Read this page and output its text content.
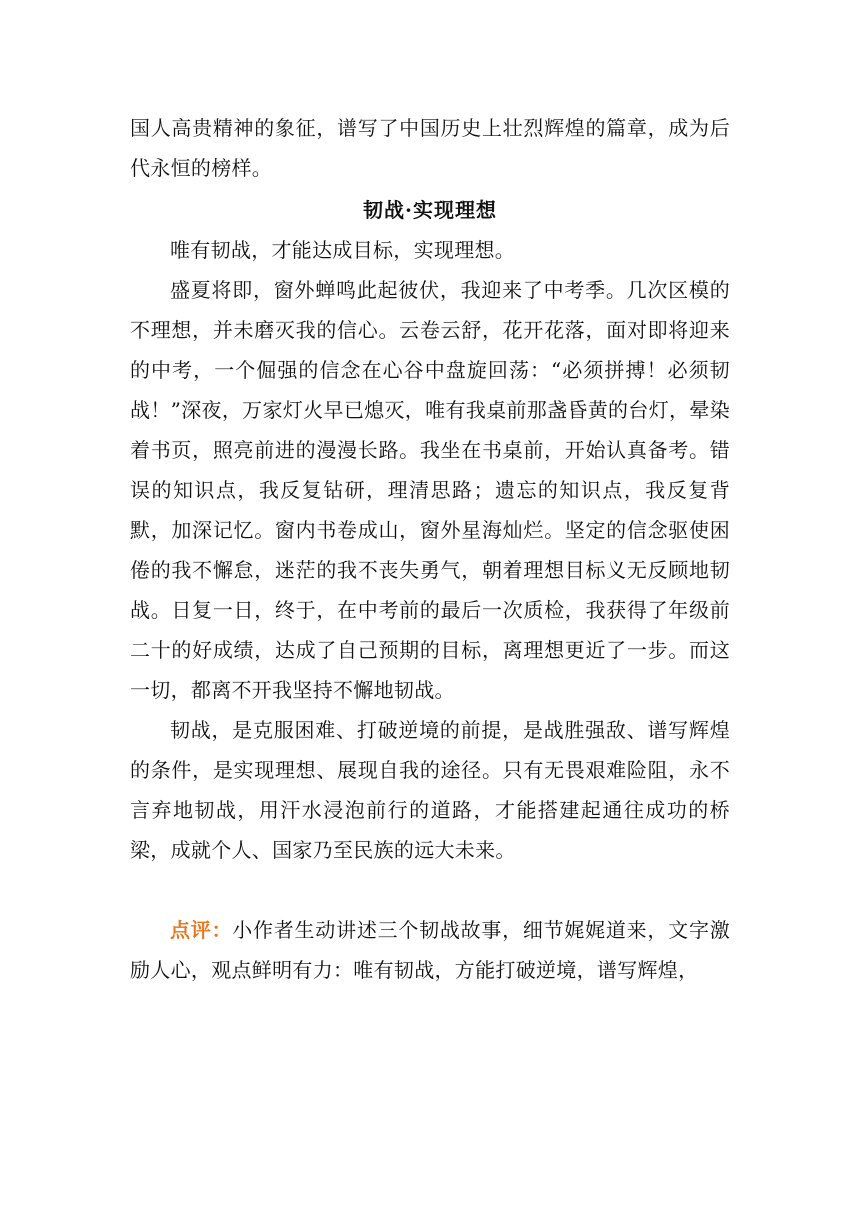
国人高贵精神的象征，谱写了中国历史上壮烈辉煌的篇章，成为后代永恒的榜样。

韧战·实现理想

唯有韧战，才能达成目标，实现理想。

盛夏将即，窗外蝉鸣此起彼伏，我迎来了中考季。几次区模的不理想，并未磨灭我的信心。云卷云舒，花开花落，面对即将迎来的中考，一个倔强的信念在心谷中盘旋回荡：“必须拼搏！必须韧战！”深夜，万家灯火早已熄灭，唯有我桌前那盏昏黄的台灯，晕染着书页，照亮前进的漫漫长路。我坐在书桌前，开始认真备考。错误的知识点，我反复钻研，理清思路；遗忘的知识点，我反复背默，加深记忆。窗内书卷成山，窗外星海灿烂。坚定的信念驱使困倦的我不懈怠，迷茫的我不丧失勇气，朝着理想目标义无反顾地韧战。日复一日，终于，在中考前的最后一次质检，我获得了年级前二十的好成绩，达成了自己预期的目标，离理想更近了一步。而这一切，都离不开我坚持不懈地韧战。

韧战，是克服困难、打破逆境的前提，是战胜强敌、谱写辉煌的条件，是实现理想、展现自我的途径。只有无畏艰难险阻，永不言弃地韧战，用汗水浸泡前行的道路，才能搭建起通往成功的桥梁，成就个人、国家乃至民族的远大未来。

点评：小作者生动讲述三个韧战故事，细节娓娓道来，文字激励人心，观点鲜明有力：唯有韧战，方能打破逆境，谱写辉煌，
